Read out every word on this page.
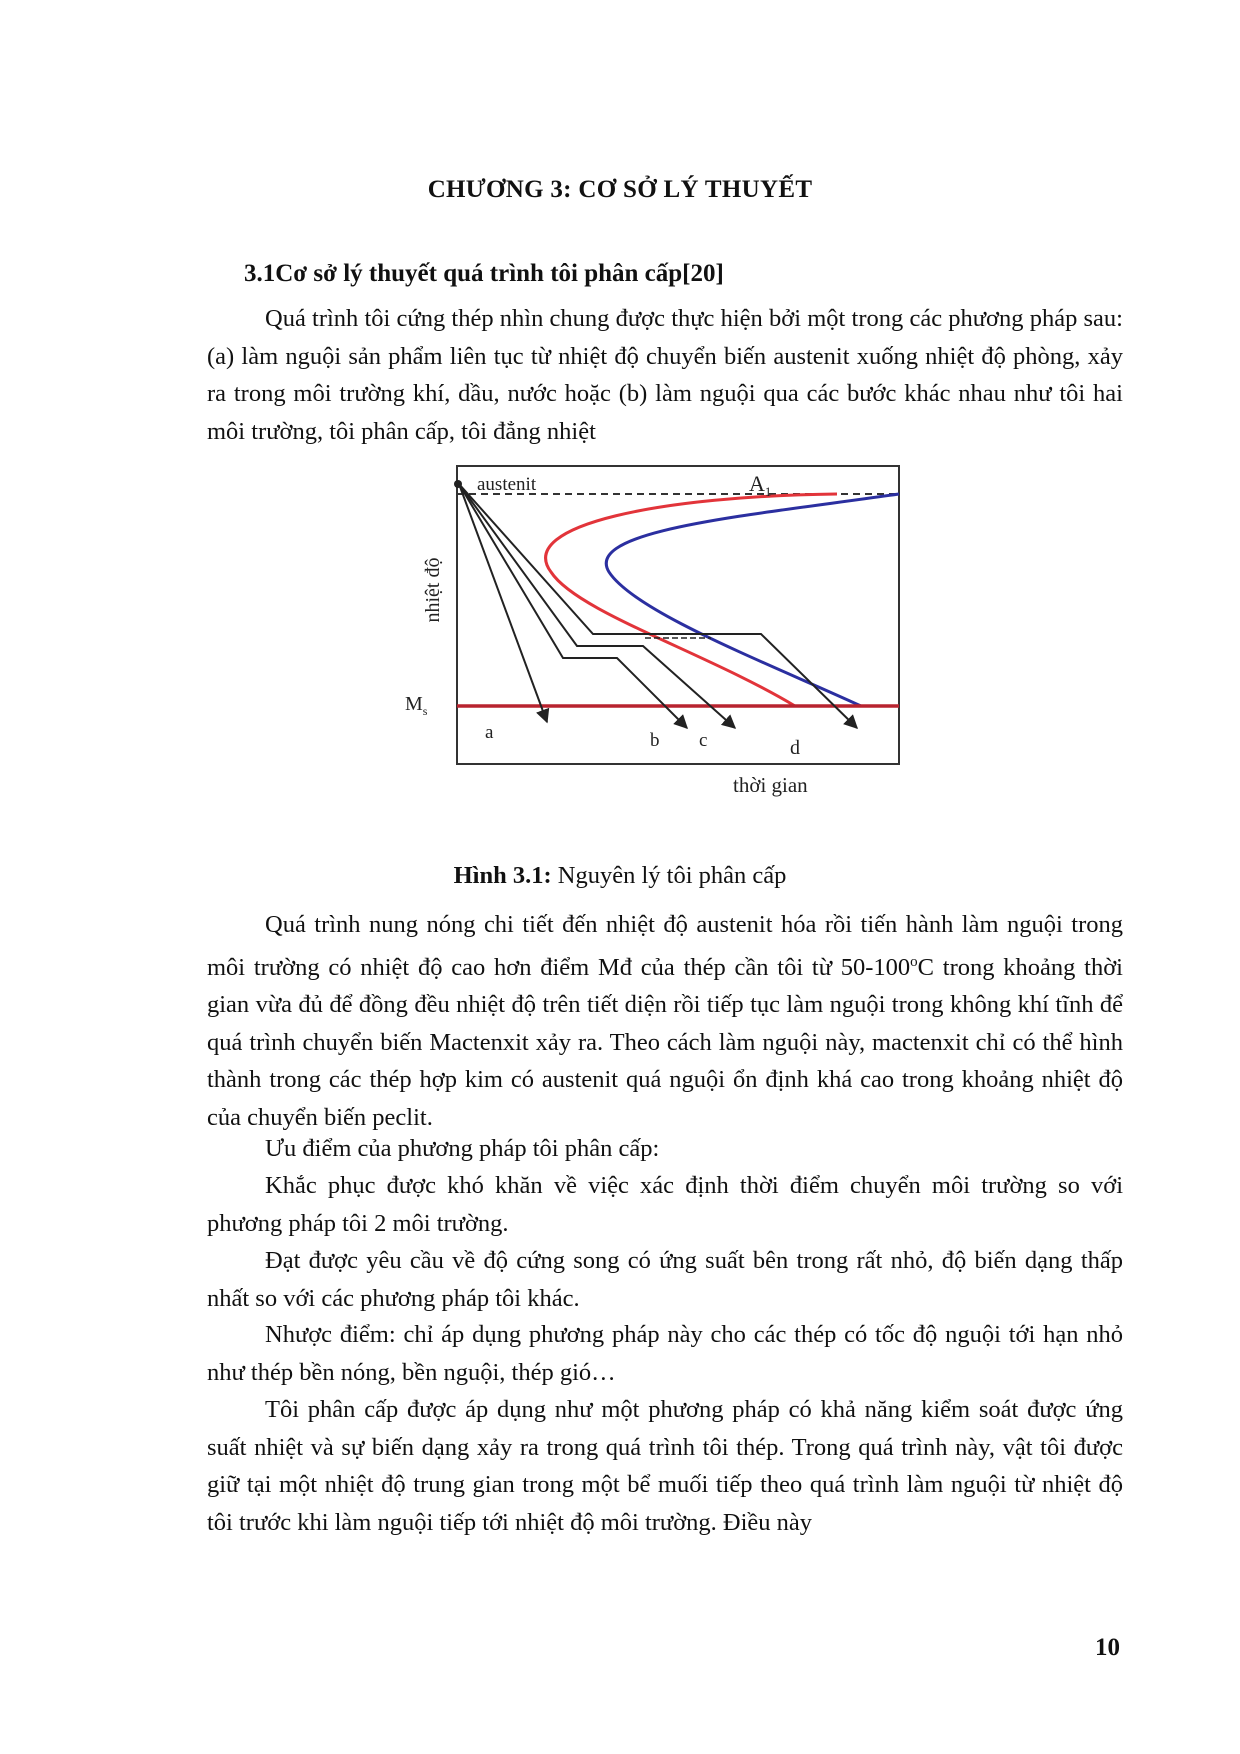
CHƯƠNG 3: CƠ SỞ LÝ THUYẾT
3.1Cơ sở lý thuyết quá trình tôi phân cấp[20]

Quá trình tôi cứng thép nhìn chung được thực hiện bởi một trong các phương pháp sau: (a) làm nguội sản phẩm liên tục từ nhiệt độ chuyển biến austenit xuống nhiệt độ phòng, xảy ra trong môi trường khí, dầu, nước hoặc (b) làm nguội qua các bước khác nhau như tôi hai môi trường, tôi phân cấp, tôi đẳng nhiệt

austenit	$A_1$
$M_s$
nhiệt độ
thời gian
a	b c	d
Hình 3.1: Nguyên lý tôi phân cấp

Quá trình nung nóng chi tiết đến nhiệt độ austenit hóa rồi tiến hành làm nguội trong môi trường có nhiệt độ cao hơn điểm Mđ của thép cần tôi từ 50-100$^o$C trong khoảng thời gian vừa đủ để đồng đều nhiệt độ trên tiết diện rồi tiếp tục làm nguội trong không khí tĩnh để quá trình chuyển biến Mactenxit xảy ra. Theo cách làm nguội này, mactenxit chỉ có thể hình thành trong các thép hợp kim có austenit quá nguội ổn định khá cao trong khoảng nhiệt độ của chuyển biến peclit.

Ưu điểm của phương pháp tôi phân cấp:

Khắc phục được khó khăn về việc xác định thời điểm chuyển môi trường so với phương pháp tôi 2 môi trường.

Đạt được yêu cầu về độ cứng song có ứng suất bên trong rất nhỏ, độ biến dạng thấp nhất so với các phương pháp tôi khác.

Nhược điểm: chỉ áp dụng phương pháp này cho các thép có tốc độ nguội tới hạn nhỏ như thép bền nóng, bền nguội, thép gió…

Tôi phân cấp được áp dụng như một phương pháp có khả năng kiểm soát được ứng suất nhiệt và sự biến dạng xảy ra trong quá trình tôi thép. Trong quá trình này, vật tôi được giữ tại một nhiệt độ trung gian trong một bể muối tiếp theo quá trình làm nguội từ nhiệt độ tôi trước khi làm nguội tiếp tới nhiệt độ môi trường. Điều này

10
